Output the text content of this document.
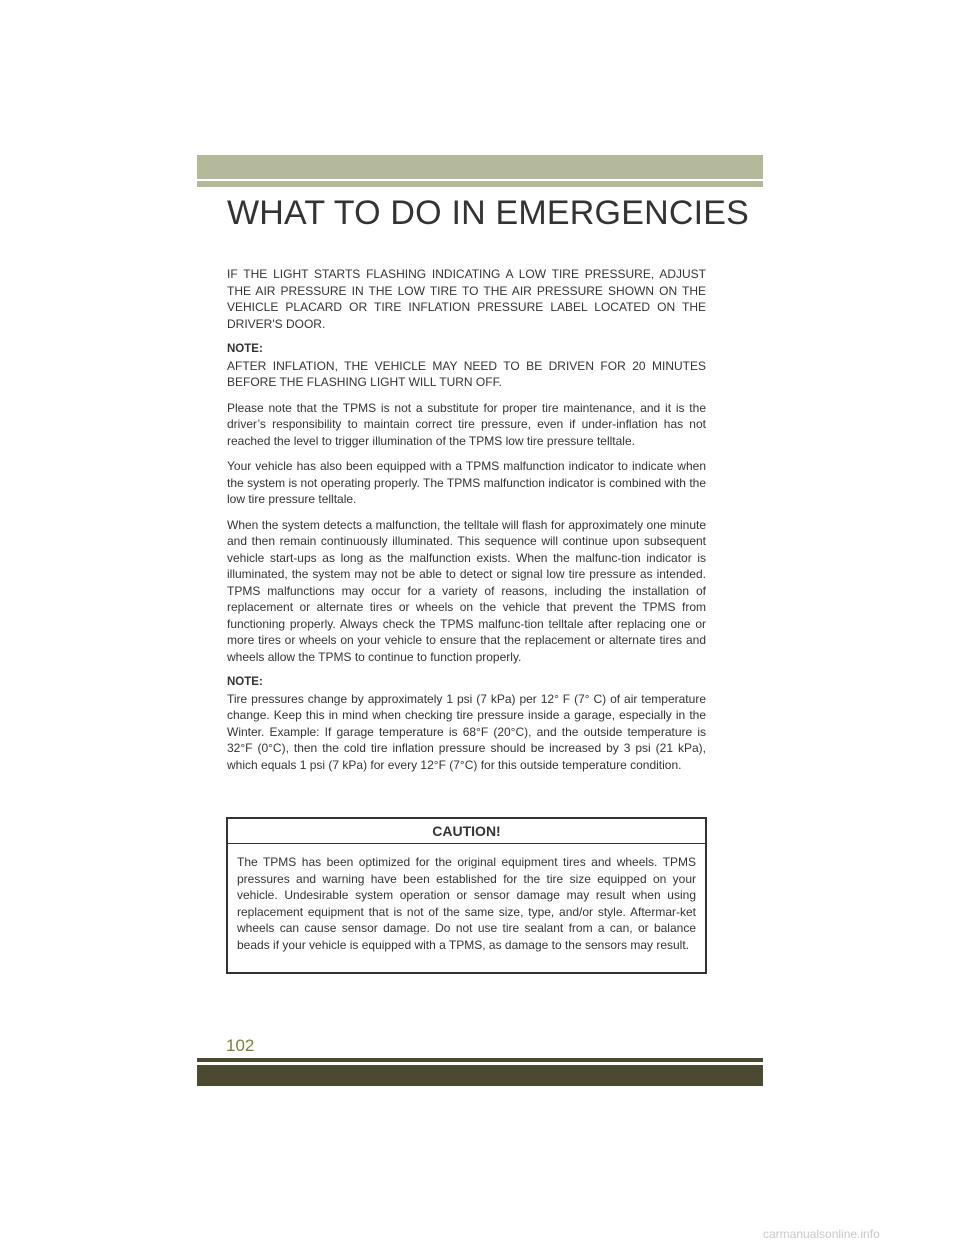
WHAT TO DO IN EMERGENCIES

IF THE LIGHT STARTS FLASHING INDICATING A LOW TIRE PRESSURE, ADJUST THE AIR PRESSURE IN THE LOW TIRE TO THE AIR PRESSURE SHOWN ON THE VEHICLE PLACARD OR TIRE INFLATION PRESSURE LABEL LOCATED ON THE DRIVER'S DOOR.

NOTE:

AFTER INFLATION, THE VEHICLE MAY NEED TO BE DRIVEN FOR 20 MINUTES BEFORE THE FLASHING LIGHT WILL TURN OFF.

Please note that the TPMS is not a substitute for proper tire maintenance, and it is the driver’s responsibility to maintain correct tire pressure, even if under-inflation has not reached the level to trigger illumination of the TPMS low tire pressure telltale.

Your vehicle has also been equipped with a TPMS malfunction indicator to indicate when the system is not operating properly. The TPMS malfunction indicator is combined with the low tire pressure telltale.

When the system detects a malfunction, the telltale will flash for approximately one minute and then remain continuously illuminated. This sequence will continue upon subsequent vehicle start-ups as long as the malfunction exists. When the malfunc-tion indicator is illuminated, the system may not be able to detect or signal low tire pressure as intended. TPMS malfunctions may occur for a variety of reasons, including the installation of replacement or alternate tires or wheels on the vehicle that prevent the TPMS from functioning properly. Always check the TPMS malfunc-tion telltale after replacing one or more tires or wheels on your vehicle to ensure that the replacement or alternate tires and wheels allow the TPMS to continue to function properly.

NOTE:

Tire pressures change by approximately 1 psi (7 kPa) per 12° F (7° C) of air temperature change. Keep this in mind when checking tire pressure inside a garage, especially in the Winter. Example: If garage temperature is 68°F (20°C), and the outside temperature is 32°F (0°C), then the cold tire inflation pressure should be increased by 3 psi (21 kPa), which equals 1 psi (7 kPa) for every 12°F (7°C) for this outside temperature condition.

CAUTION!

The TPMS has been optimized for the original equipment tires and wheels. TPMS pressures and warning have been established for the tire size equipped on your vehicle. Undesirable system operation or sensor damage may result when using replacement equipment that is not of the same size, type, and/or style. Aftermar-ket wheels can cause sensor damage. Do not use tire sealant from a can, or balance beads if your vehicle is equipped with a TPMS, as damage to the sensors may result.

102
carmanualsonline.info
